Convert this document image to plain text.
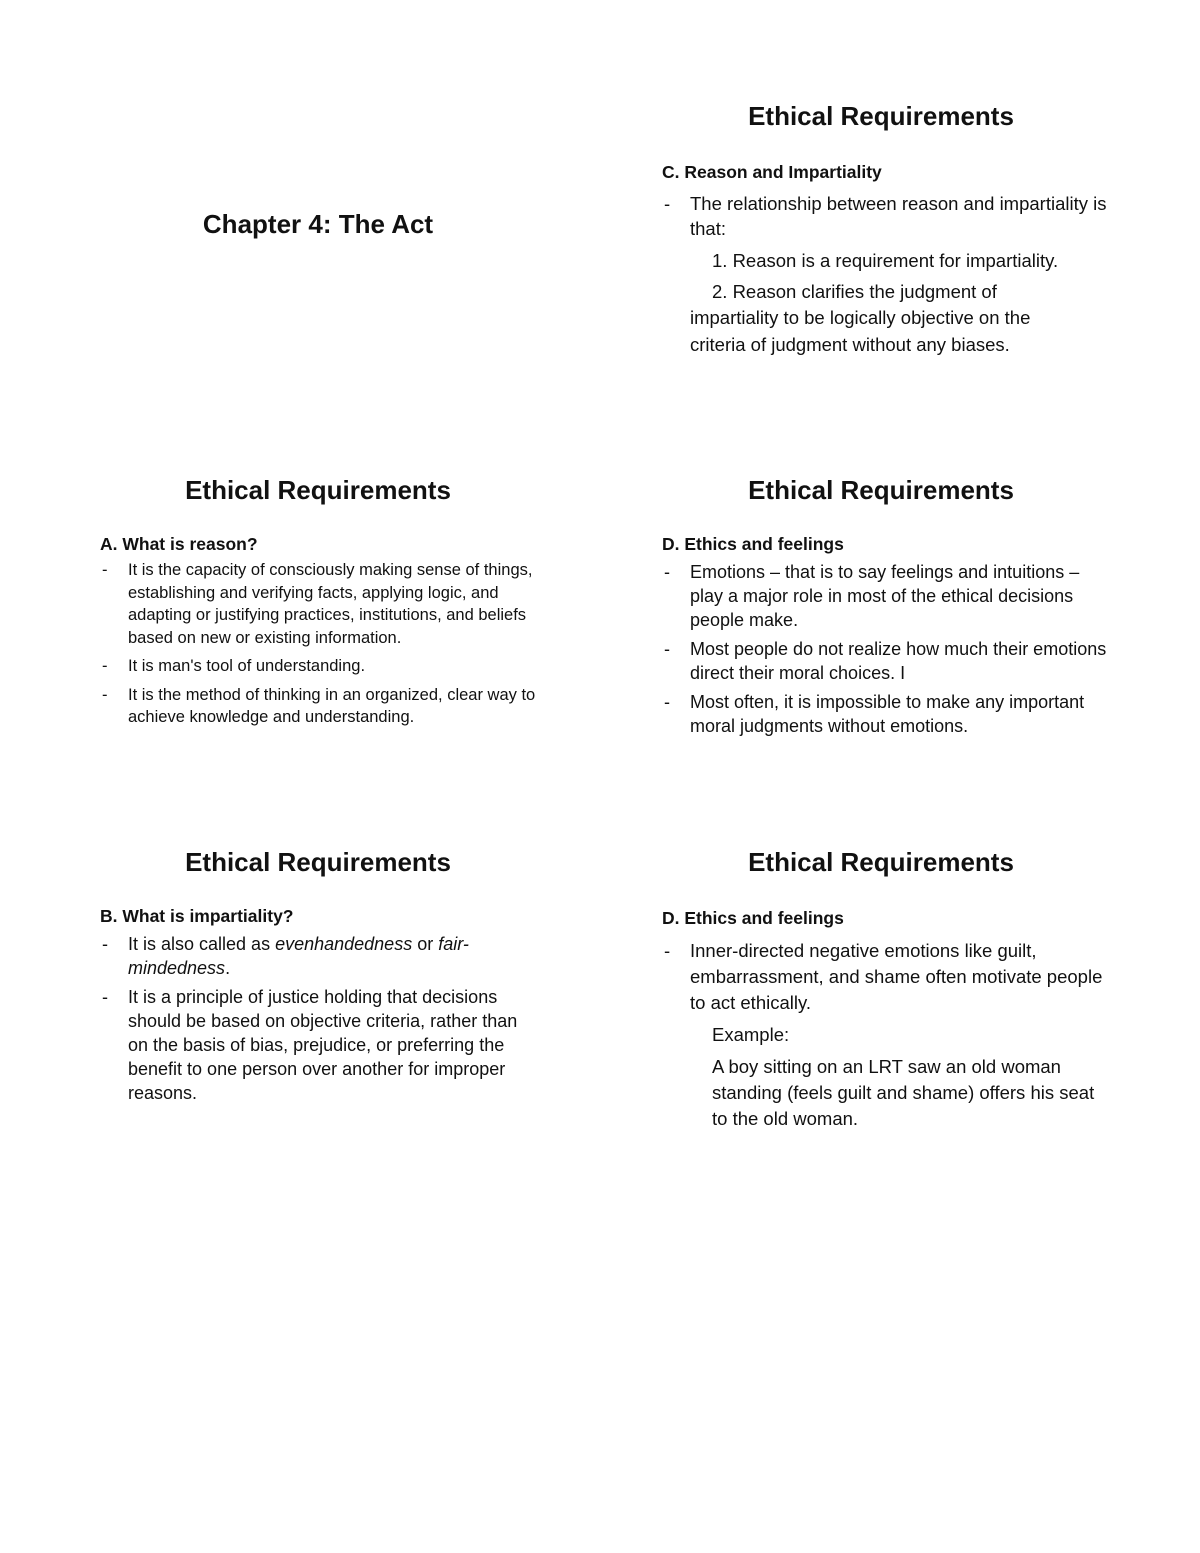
Chapter 4: The Act
Ethical Requirements

C. Reason and Impartiality

- The relationship between reason and impartiality is that:

1. Reason is a requirement for impartiality.

2. Reason clarifies the judgment of

impartiality to be logically objective on the

criteria of judgment without any biases.

Ethical Requirements

A. What is reason?

- It is the capacity of consciously making sense of things, establishing and verifying facts, applying logic, and adapting or justifying practices, institutions, and beliefs based on new or existing information.
- It is man's tool of understanding.
- It is the method of thinking in an organized, clear way to achieve knowledge and understanding.
Ethical Requirements

D. Ethics and feelings

- Emotions – that is to say feelings and intuitions – play a major role in most of the ethical decisions people make.
- Most people do not realize how much their emotions direct their moral choices. I
- Most often, it is impossible to make any important moral judgments without emotions.
Ethical Requirements

B. What is impartiality?

- It is also called as evenhandedness or fair-mindedness.
- It is a principle of justice holding that decisions should be based on objective criteria, rather than on the basis of bias, prejudice, or preferring the benefit to one person over another for improper reasons.
Ethical Requirements

D. Ethics and feelings

- Inner-directed negative emotions like guilt, embarrassment, and shame often motivate people to act ethically.

Example:

A boy sitting on an LRT saw an old woman standing (feels guilt and shame) offers his seat to the old woman.
